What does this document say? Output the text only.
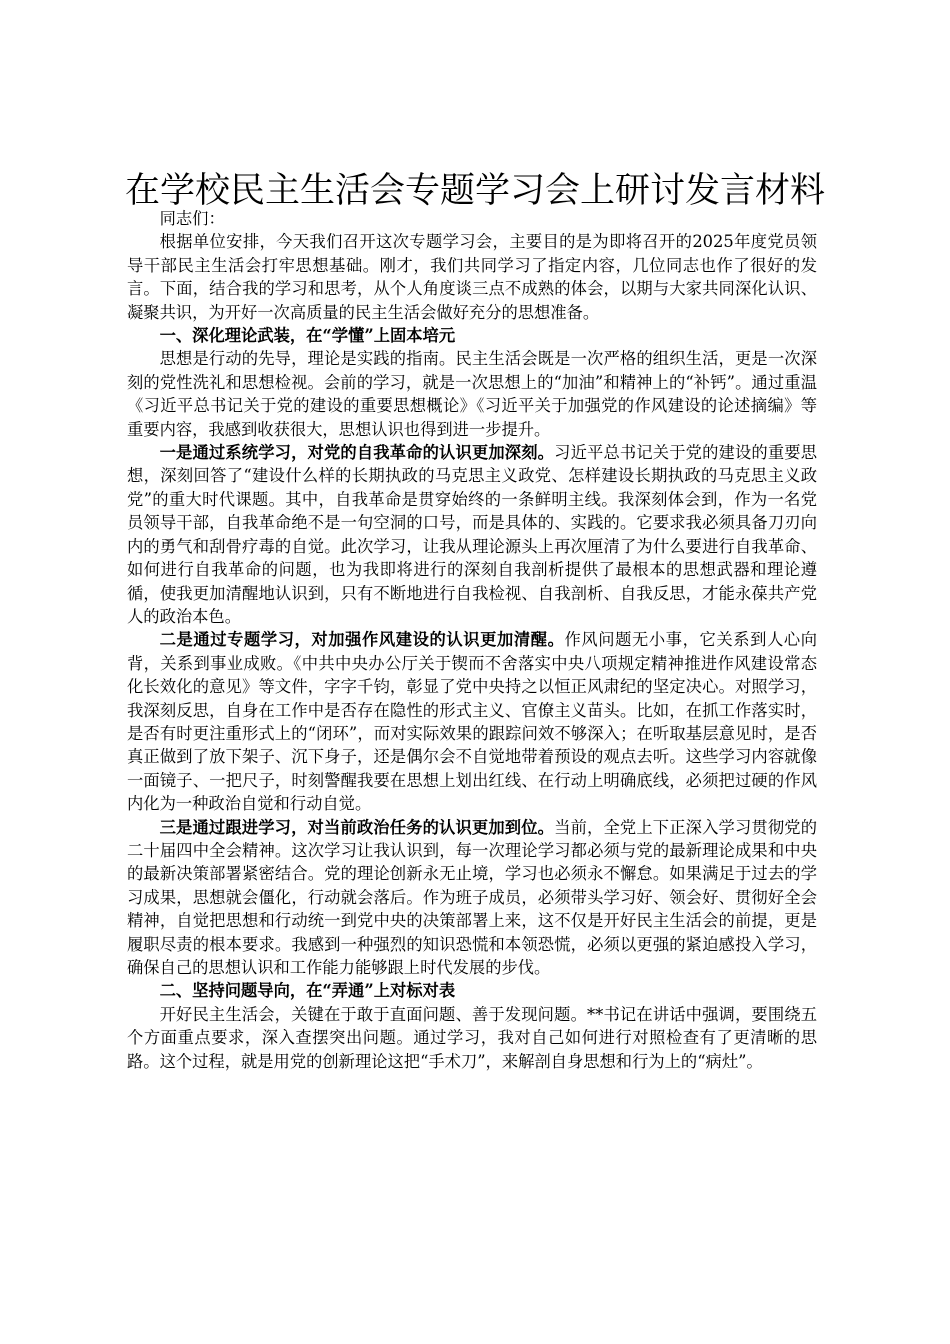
在学校民主生活会专题学习会上研讨发言材料

同志们：

根据单位安排，今天我们召开这次专题学习会，主要目的是为即将召开的2025年度党员领导干部民主生活会打牢思想基础。刚才，我们共同学习了指定内容，几位同志也作了很好的发言。下面，结合我的学习和思考，从个人角度谈三点不成熟的体会，以期与大家共同深化认识、凝聚共识，为开好一次高质量的民主生活会做好充分的思想准备。

一、深化理论武装，在“学懂”上固本培元

思想是行动的先导，理论是实践的指南。民主生活会既是一次严格的组织生活，更是一次深刻的党性洗礼和思想检视。会前的学习，就是一次思想上的“加油”和精神上的“补钙”。通过重温《习近平总书记关于党的建设的重要思想概论》《习近平关于加强党的作风建设的论述摘编》等重要内容，我感到收获很大，思想认识也得到进一步提升。

一是通过系统学习，对党的自我革命的认识更加深刻。习近平总书记关于党的建设的重要思想，深刻回答了“建设什么样的长期执政的马克思主义政党、怎样建设长期执政的马克思主义政党”的重大时代课题。其中，自我革命是贯穿始终的一条鲜明主线。我深刻体会到，作为一名党员领导干部，自我革命绝不是一句空洞的口号，而是具体的、实践的。它要求我必须具备刀刃向内的勇气和刮骨疗毒的自觉。此次学习，让我从理论源头上再次厘清了为什么要进行自我革命、如何进行自我革命的问题，也为我即将进行的深刻自我剖析提供了最根本的思想武器和理论遵循，使我更加清醒地认识到，只有不断地进行自我检视、自我剖析、自我反思，才能永葆共产党人的政治本色。

二是通过专题学习，对加强作风建设的认识更加清醒。作风问题无小事，它关系到人心向背，关系到事业成败。《中共中央办公厅关于锲而不舍落实中央八项规定精神推进作风建设常态化长效化的意见》等文件，字字千钧，彰显了党中央持之以恒正风肃纪的坚定决心。对照学习，我深刻反思，自身在工作中是否存在隐性的形式主义、官僚主义苗头。比如，在抓工作落实时，是否有时更注重形式上的“闭环”，而对实际效果的跟踪问效不够深入；在听取基层意见时，是否真正做到了放下架子、沉下身子，还是偶尔会不自觉地带着预设的观点去听。这些学习内容就像一面镜子、一把尺子，时刻警醒我要在思想上划出红线、在行动上明确底线，必须把过硬的作风内化为一种政治自觉和行动自觉。

三是通过跟进学习，对当前政治任务的认识更加到位。当前，全党上下正深入学习贯彻党的二十届四中全会精神。这次学习让我认识到，每一次理论学习都必须与党的最新理论成果和中央的最新决策部署紧密结合。党的理论创新永无止境，学习也必须永不懈怠。如果满足于过去的学习成果，思想就会僵化，行动就会落后。作为班子成员，必须带头学习好、领会好、贯彻好全会精神，自觉把思想和行动统一到党中央的决策部署上来，这不仅是开好民主生活会的前提，更是履职尽责的根本要求。我感到一种强烈的知识恐慌和本领恐慌，必须以更强的紧迫感投入学习，确保自己的思想认识和工作能力能够跟上时代发展的步伐。

二、坚持问题导向，在“弄通”上对标对表

开好民主生活会，关键在于敢于直面问题、善于发现问题。**书记在讲话中强调，要围绕五个方面重点要求，深入查摆突出问题。通过学习，我对自己如何进行对照检查有了更清晰的思路。这个过程，就是用党的创新理论这把“手术刀”，来解剖自身思想和行为上的“病灶”。
